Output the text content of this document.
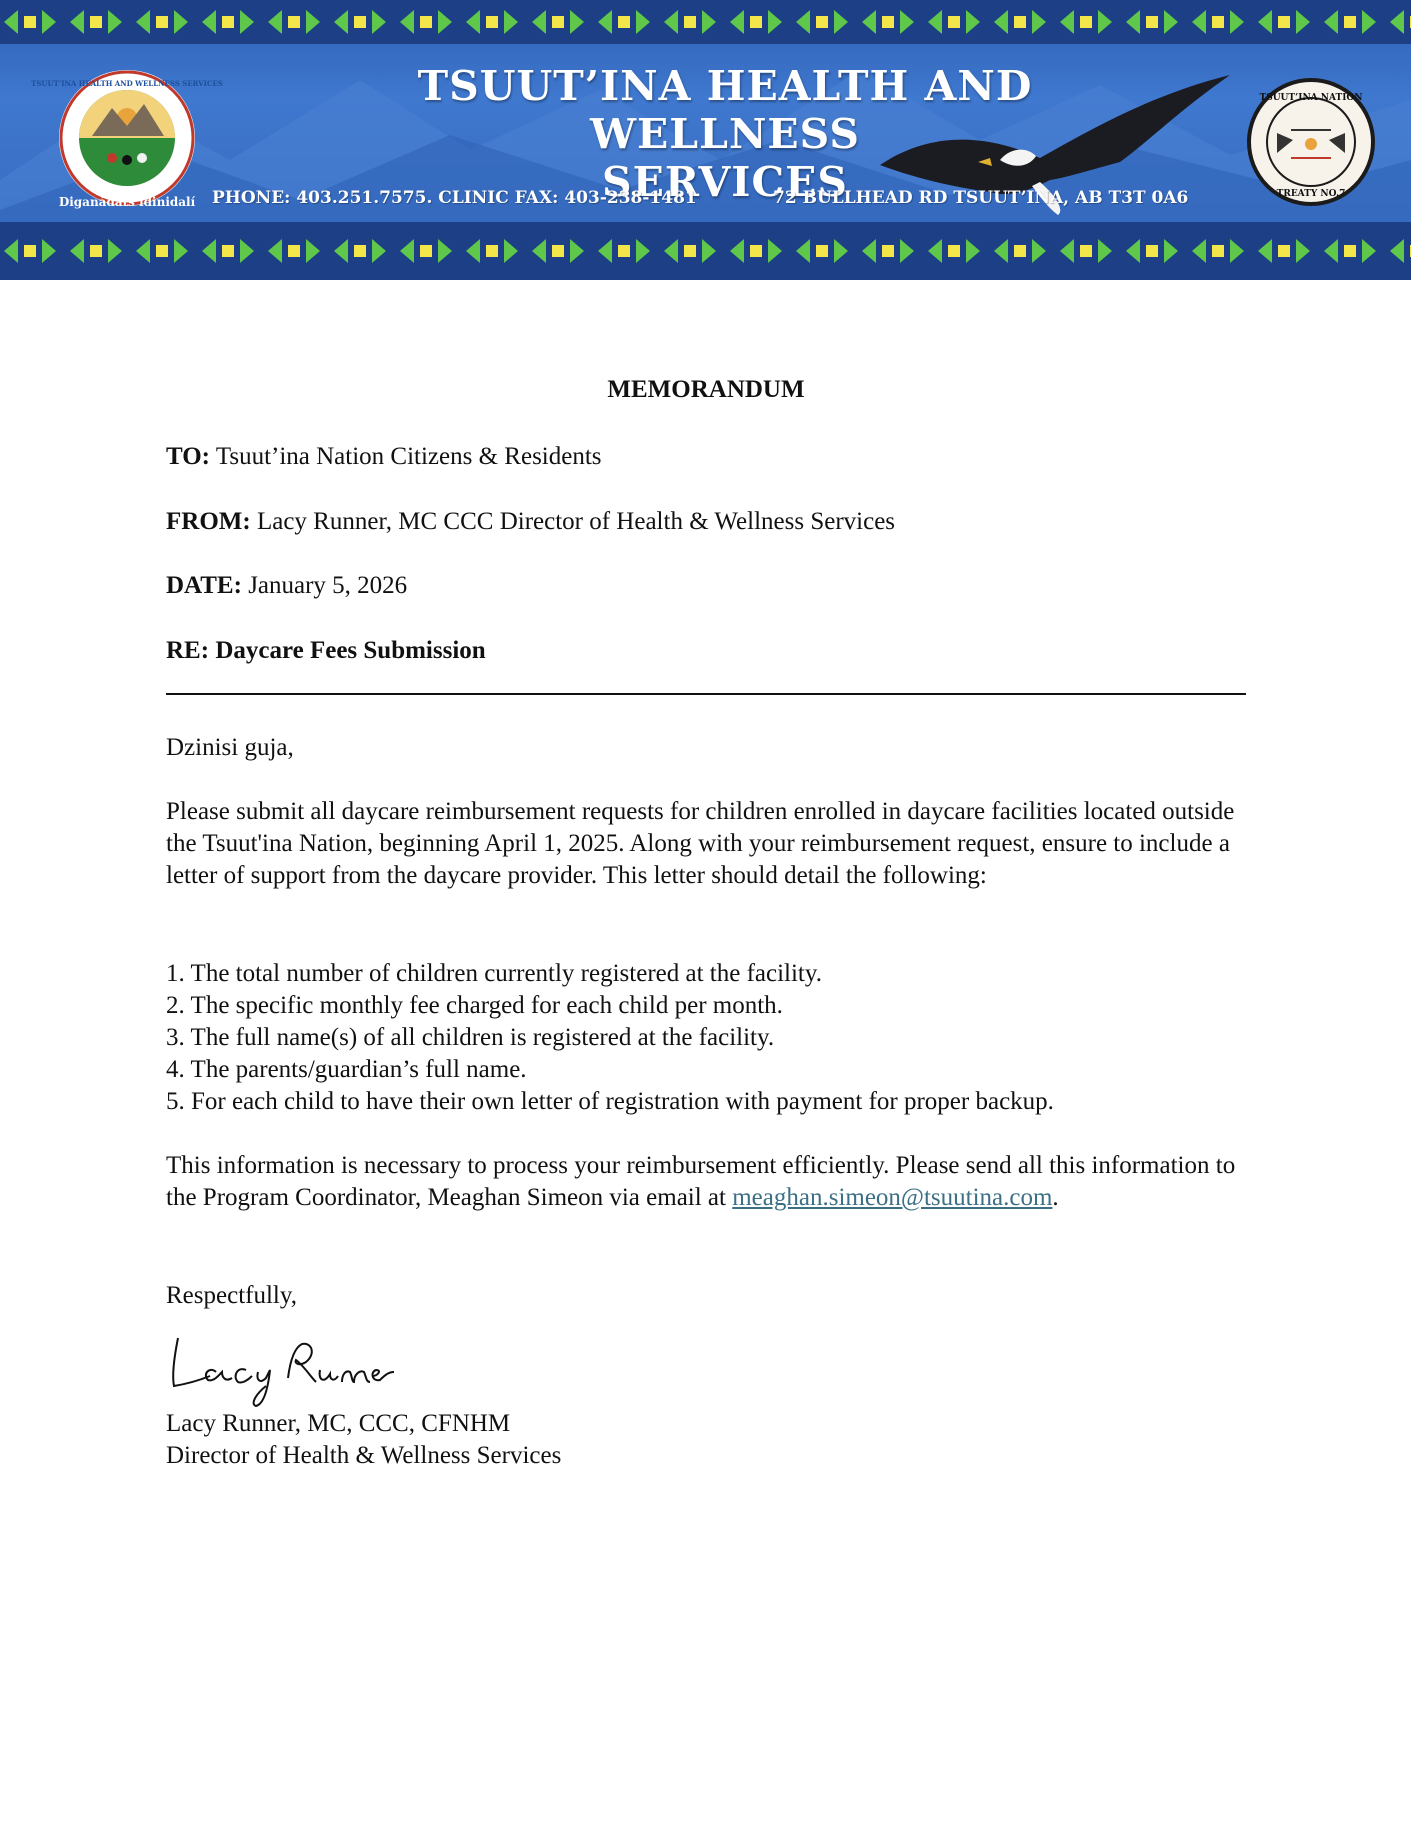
TSUUT’INA HEALTH AND WELLNESS SERVICES
Diganádàts’idinidalí
TSUUT’INA HEALTH AND WELLNESS
SERVICES
TSUUT’INA NATION
TREATY NO.7
PHONE: 403.251.7575. CLINIC FAX: 403-238-1481	72 BULLHEAD RD TSUUT’INA, AB T3T 0A6
MEMORANDUM
TO: Tsuut’ina Nation Citizens & Residents
FROM: Lacy Runner, MC CCC Director of Health & Wellness Services
DATE: January 5, 2026
RE: Daycare Fees Submission
Dzinisi guja,
Please submit all daycare reimbursement requests for children enrolled in daycare facilities located outside the Tsuut'ina Nation, beginning April 1, 2025. Along with your reimbursement request, ensure to include a letter of support from the daycare provider. This letter should detail the following:
1. The total number of children currently registered at the facility.
2. The specific monthly fee charged for each child per month.
3. The full name(s) of all children is registered at the facility.
4. The parents/guardian’s full name.
5. For each child to have their own letter of registration with payment for proper backup.
This information is necessary to process your reimbursement efficiently. Please send all this information to the Program Coordinator, Meaghan Simeon via email at meaghan.simeon@tsuutina.com.
Respectfully,
Lacy Runner, MC, CCC, CFNHM
Director of Health & Wellness Services
